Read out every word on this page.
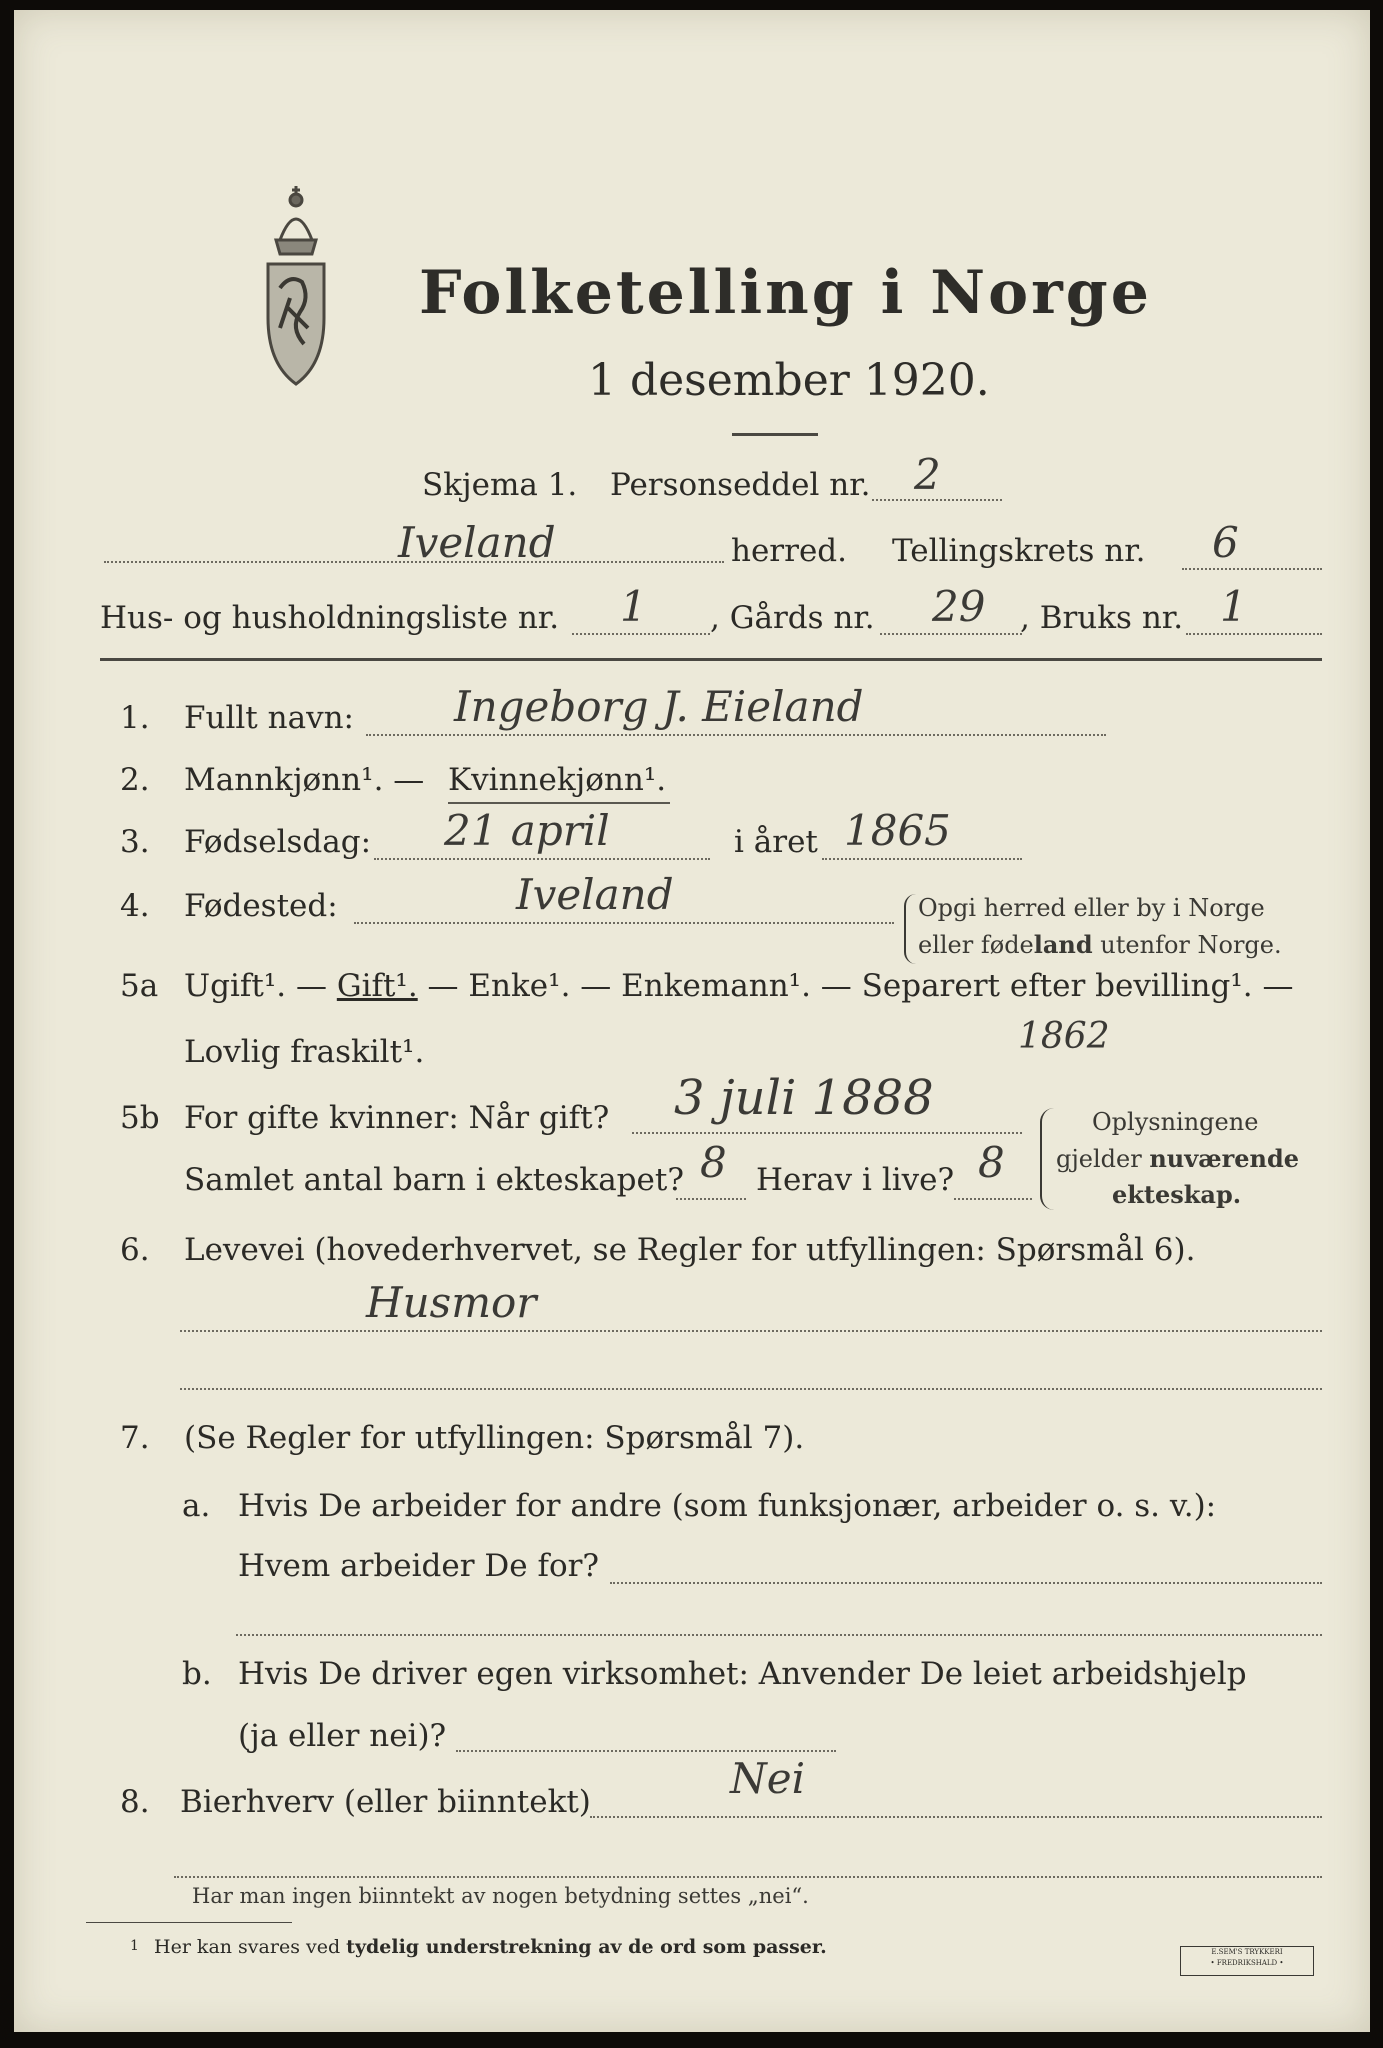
Folketelling i Norge
1 desember 1920.
Skjema 1. Personseddel nr. 2
Iveland	herred. Tellingskrets nr. 6
Hus- og husholdningsliste nr. 1 , Gårds nr. 29 , Bruks nr. 1
1. Fullt navn: Ingeborg J. Eieland
2. Mannkjønn¹. — Kvinnekjønn¹.
3. Fødselsdag: 21 april	i året 1865
4. Fødested:	Iveland	Opgi herred eller by i Norge
eller fødeland utenfor Norge.
5a Ugift¹. — Gift¹. — Enke¹. — Enkemann¹. — Separert efter bevilling¹. —
Lovlig fraskilt¹.	1862
5b For gifte kvinner: Når gift? 3 juli 1888
Samlet antal barn i ekteskapet? 8 Herav i live? 8
Oplysningene
gjelder nuværende
ekteskap.
6. Levevei (hovederhvervet, se Regler for utfyllingen: Spørsmål 6).
Husmor
7. (Se Regler for utfyllingen: Spørsmål 7).
a. Hvis De arbeider for andre (som funksjonær, arbeider o. s. v.):
Hvem arbeider De for?
b. Hvis De driver egen virksomhet: Anvender De leiet arbeidshjelp
(ja eller nei)?
8. Bierhverv (eller biinntekt)	Nei
Har man ingen biinntekt av nogen betydning settes „nei“.
1 Her kan svares ved tydelig understrekning av de ord som passer.	E.SEM'S TRYKKERI
• FREDRIKSHALD •
